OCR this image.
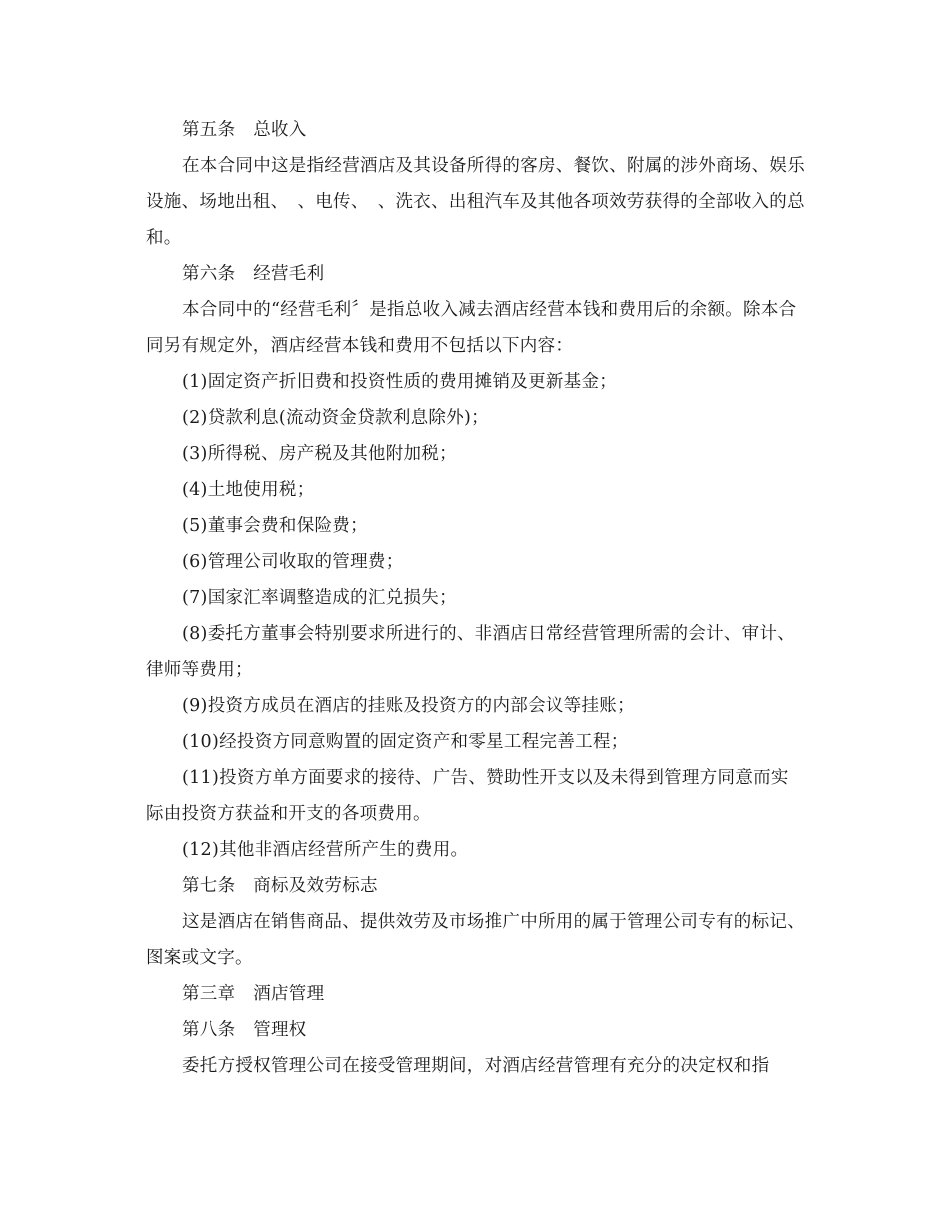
第五条　总收入

在本合同中这是指经营酒店及其设备所得的客房、餐饮、附属的涉外商场、娱乐设施、场地出租、　、电传、　、洗衣、出租汽车及其他各项效劳获得的全部收入的总和。

第六条　经营毛利

本合同中的“经营毛利〞是指总收入减去酒店经营本钱和费用后的余额。除本合同另有规定外，酒店经营本钱和费用不包括以下内容：

(1)固定资产折旧费和投资性质的费用摊销及更新基金；

(2)贷款利息(流动资金贷款利息除外)；

(3)所得税、房产税及其他附加税；

(4)土地使用税；

(5)董事会费和保险费；

(6)管理公司收取的管理费；

(7)国家汇率调整造成的汇兑损失；

(8)委托方董事会特别要求所进行的、非酒店日常经营管理所需的会计、审计、律师等费用；

(9)投资方成员在酒店的挂账及投资方的内部会议等挂账；

(10)经投资方同意购置的固定资产和零星工程完善工程；

(11)投资方单方面要求的接待、广告、赞助性开支以及未得到管理方同意而实际由投资方获益和开支的各项费用。

(12)其他非酒店经营所产生的费用。

第七条　商标及效劳标志

这是酒店在销售商品、提供效劳及市场推广中所用的属于管理公司专有的标记、图案或文字。

第三章　酒店管理

第八条　管理权

委托方授权管理公司在接受管理期间，对酒店经营管理有充分的决定权和指
